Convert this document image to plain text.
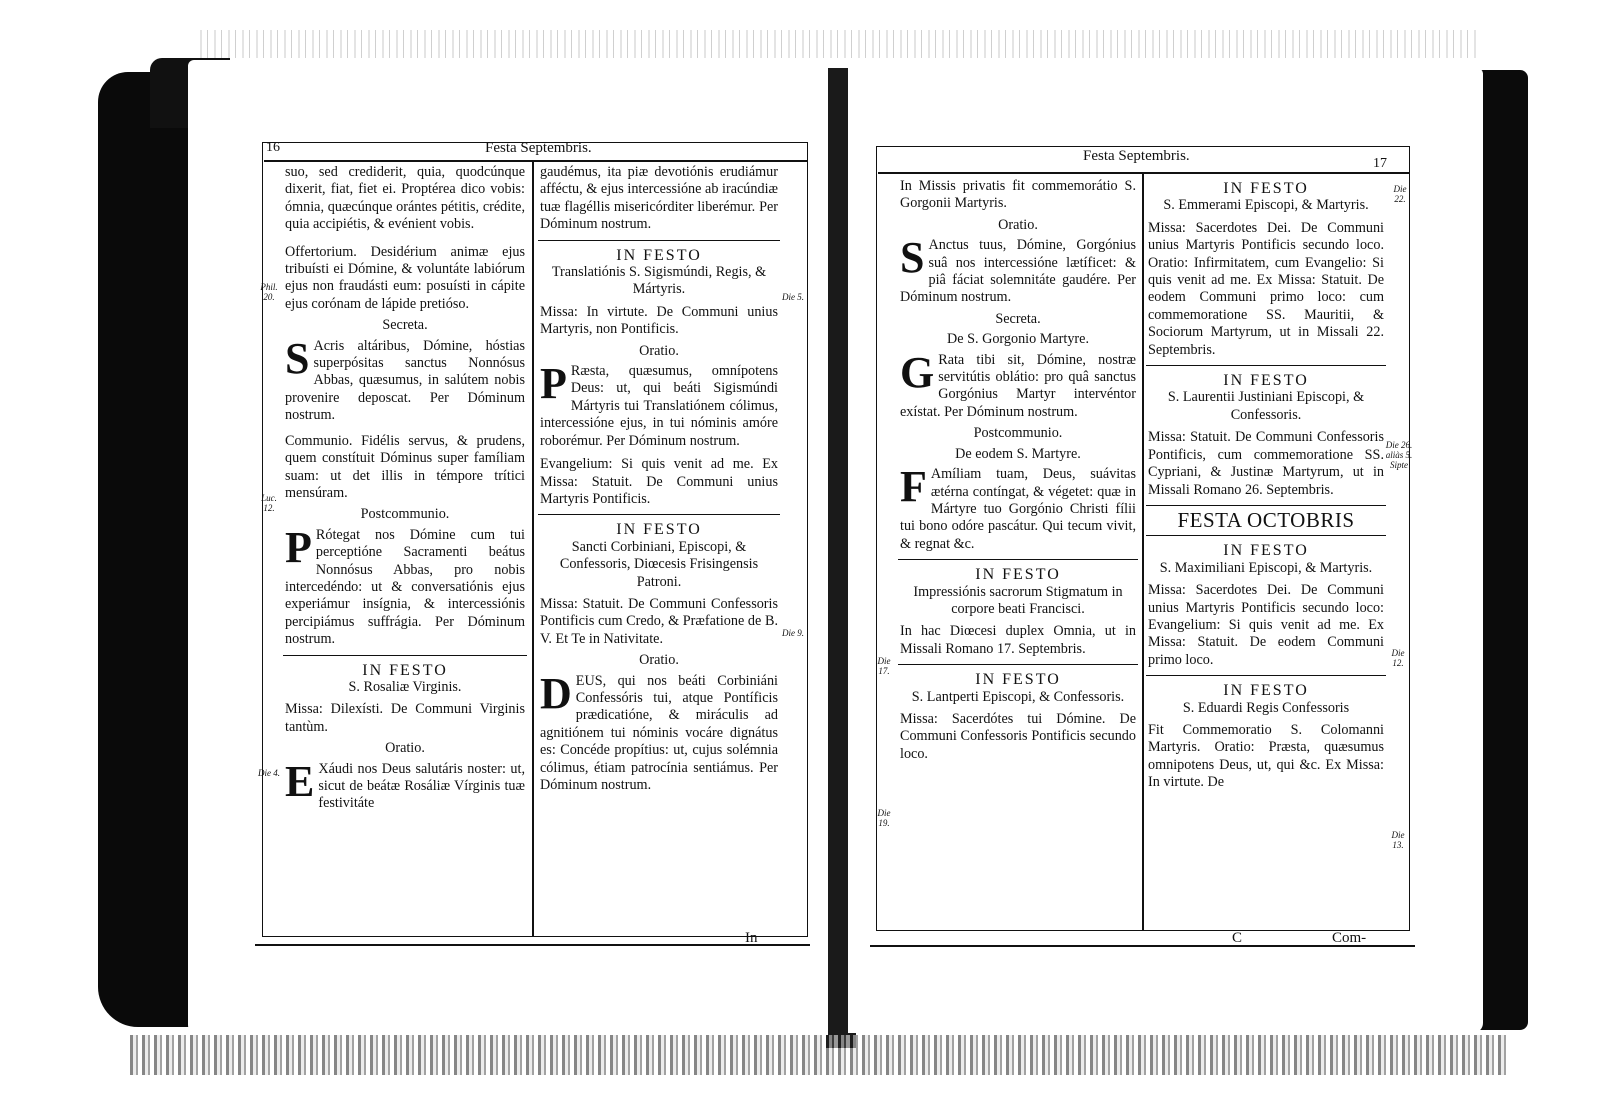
16	Festa Septembris.
Phil. 20.
Luc. 12.
Die 4.
Die 5.
Die 9.

suo, sed crediderit, quia, quodcúnque dixerit, fiat, fiet ei. Proptérea dico vobis: ómnia, quæcúnque orántes pétitis, crédite, quia accipiétis, & evénient vobis.

Offertorium. Desidérium animæ ejus tribuísti ei Dómine, & voluntáte labiórum ejus non fraudásti eum: posuísti in cápite ejus corónam de lápide pretióso.

Secreta.

S Acris altáribus, Dómine, hóstias superpósitas sanctus Nonnósus Abbas, quæsumus, in salútem nobis provenire deposcat. Per Dóminum nostrum.

Communio. Fidélis servus, & prudens, quem constítuit Dóminus super famíliam suam: ut det illis in témpore trítici mensúram.

Postcommunio.

P Rótegat nos Dómine cum tui perceptióne Sacramenti beátus Nonnósus Abbas, pro nobis intercedéndo: ut & conversatiónis ejus experiámur insígnia, & intercessiónis percipiámus suffrágia. Per Dóminum nostrum.

IN FESTO
S. Rosaliæ Virginis.

Missa: Dilexísti. De Communi Virginis tantùm.

Oratio.

E Xáudi nos Deus salutáris noster: ut, sicut de beátæ Rosáliæ Vírginis tuæ festivitáte

gaudémus, ita piæ devotiónis erudiámur afféctu, & ejus intercessióne ab iracúndiæ tuæ flagéllis misericórditer liberémur. Per Dóminum nostrum.

IN FESTO
Translatiónis S. Sigismúndi, Regis, & Mártyris.

Missa: In virtute. De Communi unius Martyris, non Pontificis.

Oratio.

P Ræsta, quæsumus, omnípotens Deus: ut, qui beáti Sigismúndi Mártyris tui Translatiónem cólimus, intercessióne ejus, in tui nóminis amóre roborémur. Per Dóminum nostrum.

Evangelium: Si quis venit ad me. Ex Missa: Statuit. De Communi unius Martyris Pontificis.

IN FESTO
Sancti Corbiniani, Episcopi, & Confessoris, Diœcesis Frisingensis Patroni.

Missa: Statuit. De Communi Confessoris Pontificis cum Credo, & Præfatione de B. V. Et Te in Nativitate.

Oratio.

DEUS, qui nos beáti Corbiniáni Confessóris tui, atque Pontíficis prædicatióne, & miráculis ad agnitiónem tui nóminis vocáre dignátus es: Concéde propítius: ut, cujus solémnia cólimus, étiam patrocínia sentiámus. Per Dóminum nostrum.

In
Festa Septembris.	17
Die 22.
Die 26. aliàs 5. Sipte
Die 17.
Die 12.
Die 19.
Die 13.

In Missis privatis fit commemorátio S. Gorgonii Martyris.

Oratio.

S Anctus tuus, Dómine, Gorgónius suâ nos intercessióne lætíficet: & piâ fáciat solemnitáte gaudére. Per Dóminum nostrum.

Secreta.
De S. Gorgonio Martyre.

G Rata tibi sit, Dómine, nostræ servitútis oblátio: pro quâ sanctus Gorgónius Martyr intervéntor exístat. Per Dóminum nostrum.

Postcommunio.
De eodem S. Martyre.

F Amíliam tuam, Deus, suávitas ætérna contíngat, & végetet: quæ in Mártyre tuo Gorgónio Christi fílii tui bono odóre pascátur. Qui tecum vivit, & regnat &c.

IN FESTO
Impressiónis sacrorum Stigmatum in corpore beati Francisci.

In hac Diœcesi duplex Omnia, ut in Missali Romano 17. Septembris.

IN FESTO
S. Lantperti Episcopi, & Confessoris.

Missa: Sacerdótes tui Dómine. De Communi Confessoris Pontificis secundo loco.

IN FESTO
S. Emmerami Episcopi, & Martyris.

Missa: Sacerdotes Dei. De Communi unius Martyris Pontificis secundo loco. Oratio: Infirmitatem, cum Evangelio: Si quis venit ad me. Ex Missa: Statuit. De eodem Communi primo loco: cum commemoratione SS. Mauritii, & Sociorum Martyrum, ut in Missali 22. Septembris.

IN FESTO
S. Laurentii Justiniani Episcopi, & Confessoris.

Missa: Statuit. De Communi Confessoris Pontificis, cum commemoratione SS. Cypriani, & Justinæ Martyrum, ut in Missali Romano 26. Septembris.

FESTA OCTOBRIS
IN FESTO
S. Maximiliani Episcopi, & Martyris.

Missa: Sacerdotes Dei. De Communi unius Martyris Pontificis secundo loco: Evangelium: Si quis venit ad me. Ex Missa: Statuit. De eodem Communi primo loco.

IN FESTO
S. Eduardi Regis Confessoris

Fit Commemoratio S. Colomanni Martyris. Oratio: Præsta, quæsumus omnipotens Deus, ut, qui &c. Ex Missa: In virtute. De

C	Com-
